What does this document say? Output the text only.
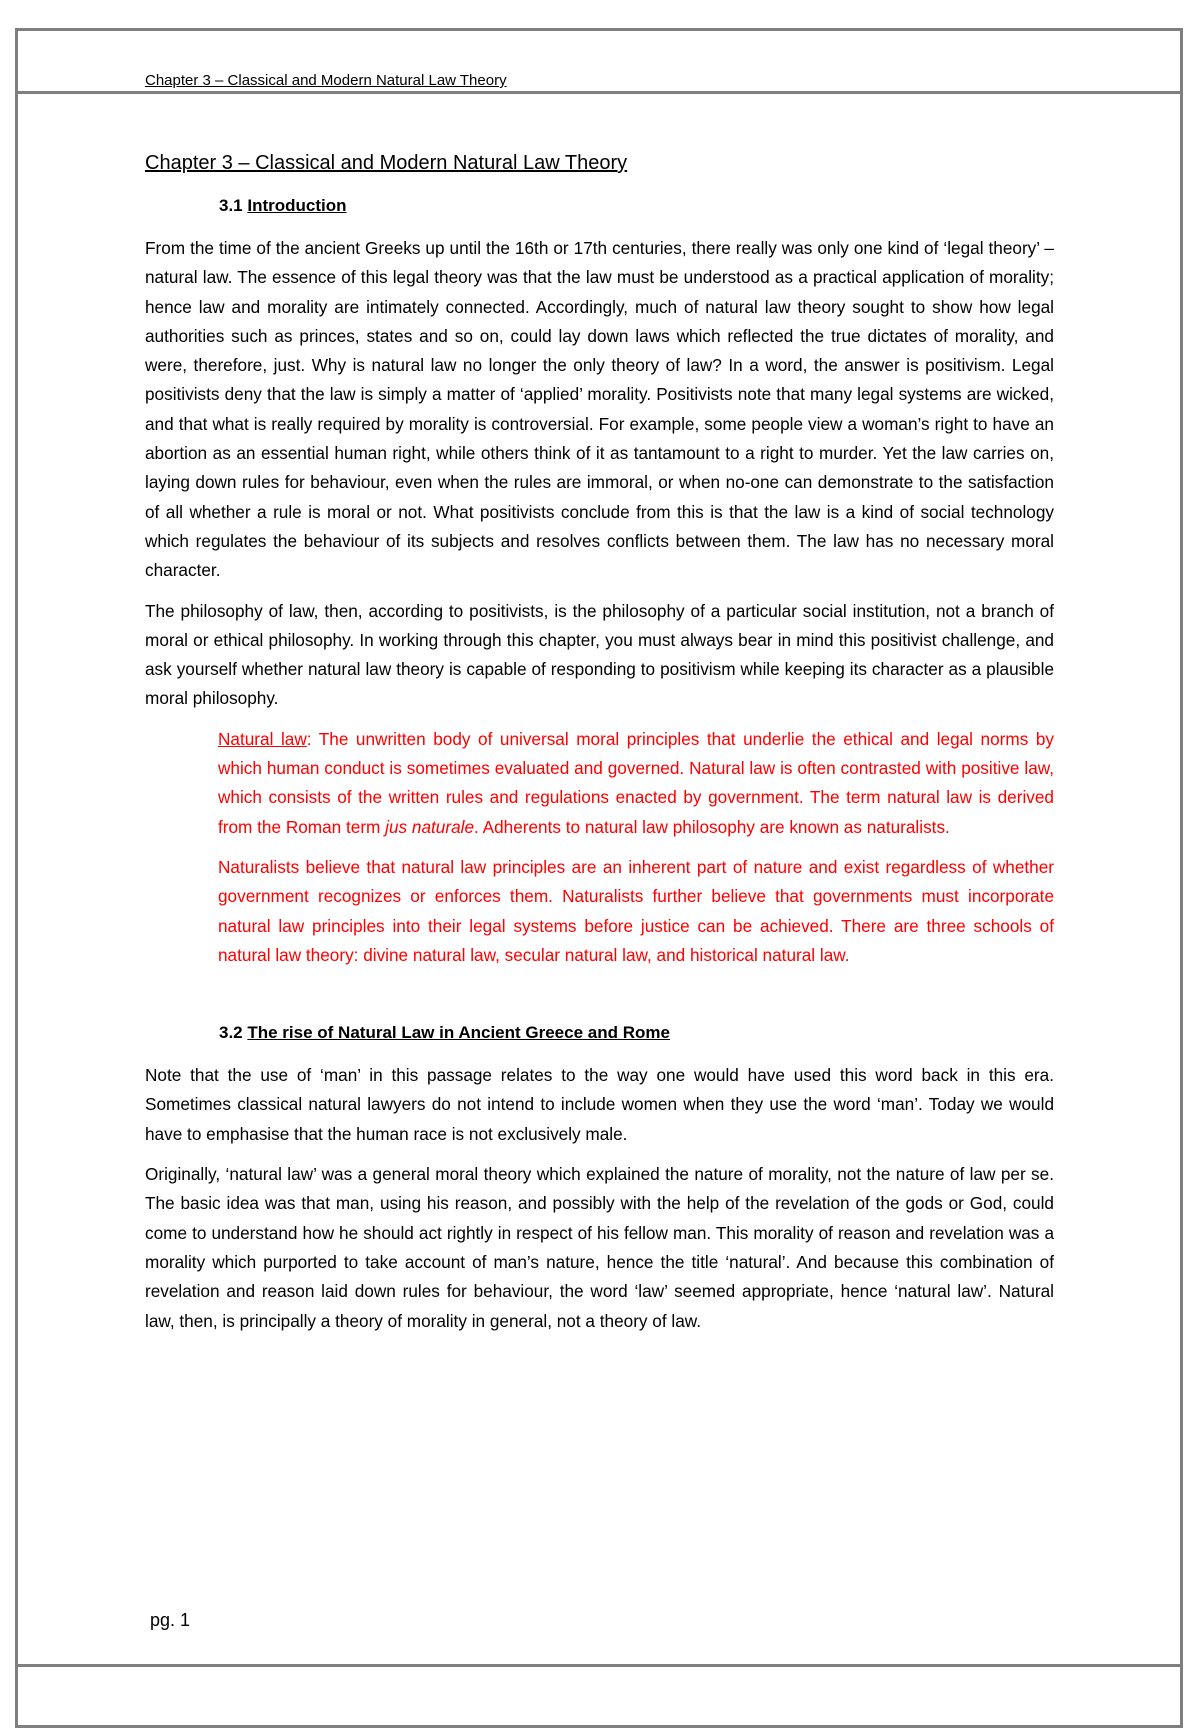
Chapter 3 – Classical and Modern Natural Law Theory
Chapter 3 – Classical and Modern Natural Law Theory
3.1 Introduction

From the time of the ancient Greeks up until the 16th or 17th centuries, there really was only one kind of ‘legal theory’ – natural law. The essence of this legal theory was that the law must be understood as a practical application of morality; hence law and morality are intimately connected. Accordingly, much of natural law theory sought to show how legal authorities such as princes, states and so on, could lay down laws which reflected the true dictates of morality, and were, therefore, just. Why is natural law no longer the only theory of law? In a word, the answer is positivism. Legal positivists deny that the law is simply a matter of ‘applied’ morality. Positivists note that many legal systems are wicked, and that what is really required by morality is controversial. For example, some people view a woman’s right to have an abortion as an essential human right, while others think of it as tantamount to a right to murder. Yet the law carries on, laying down rules for behaviour, even when the rules are immoral, or when no-one can demonstrate to the satisfaction of all whether a rule is moral or not. What positivists conclude from this is that the law is a kind of social technology which regulates the behaviour of its subjects and resolves conflicts between them. The law has no necessary moral character.

The philosophy of law, then, according to positivists, is the philosophy of a particular social institution, not a branch of moral or ethical philosophy. In working through this chapter, you must always bear in mind this positivist challenge, and ask yourself whether natural law theory is capable of responding to positivism while keeping its character as a plausible moral philosophy.

Natural law: The unwritten body of universal moral principles that underlie the ethical and legal norms by which human conduct is sometimes evaluated and governed. Natural law is often contrasted with positive law, which consists of the written rules and regulations enacted by government. The term natural law is derived from the Roman term jus naturale. Adherents to natural law philosophy are known as naturalists.

Naturalists believe that natural law principles are an inherent part of nature and exist regardless of whether government recognizes or enforces them. Naturalists further believe that governments must incorporate natural law principles into their legal systems before justice can be achieved. There are three schools of natural law theory: divine natural law, secular natural law, and historical natural law.

3.2 The rise of Natural Law in Ancient Greece and Rome

Note that the use of ‘man’ in this passage relates to the way one would have used this word back in this era. Sometimes classical natural lawyers do not intend to include women when they use the word ‘man’. Today we would have to emphasise that the human race is not exclusively male.

Originally, ‘natural law’ was a general moral theory which explained the nature of morality, not the nature of law per se. The basic idea was that man, using his reason, and possibly with the help of the revelation of the gods or God, could come to understand how he should act rightly in respect of his fellow man. This morality of reason and revelation was a morality which purported to take account of man’s nature, hence the title ‘natural’. And because this combination of revelation and reason laid down rules for behaviour, the word ‘law’ seemed appropriate, hence ‘natural law’. Natural law, then, is principally a theory of morality in general, not a theory of law.

pg. 1
